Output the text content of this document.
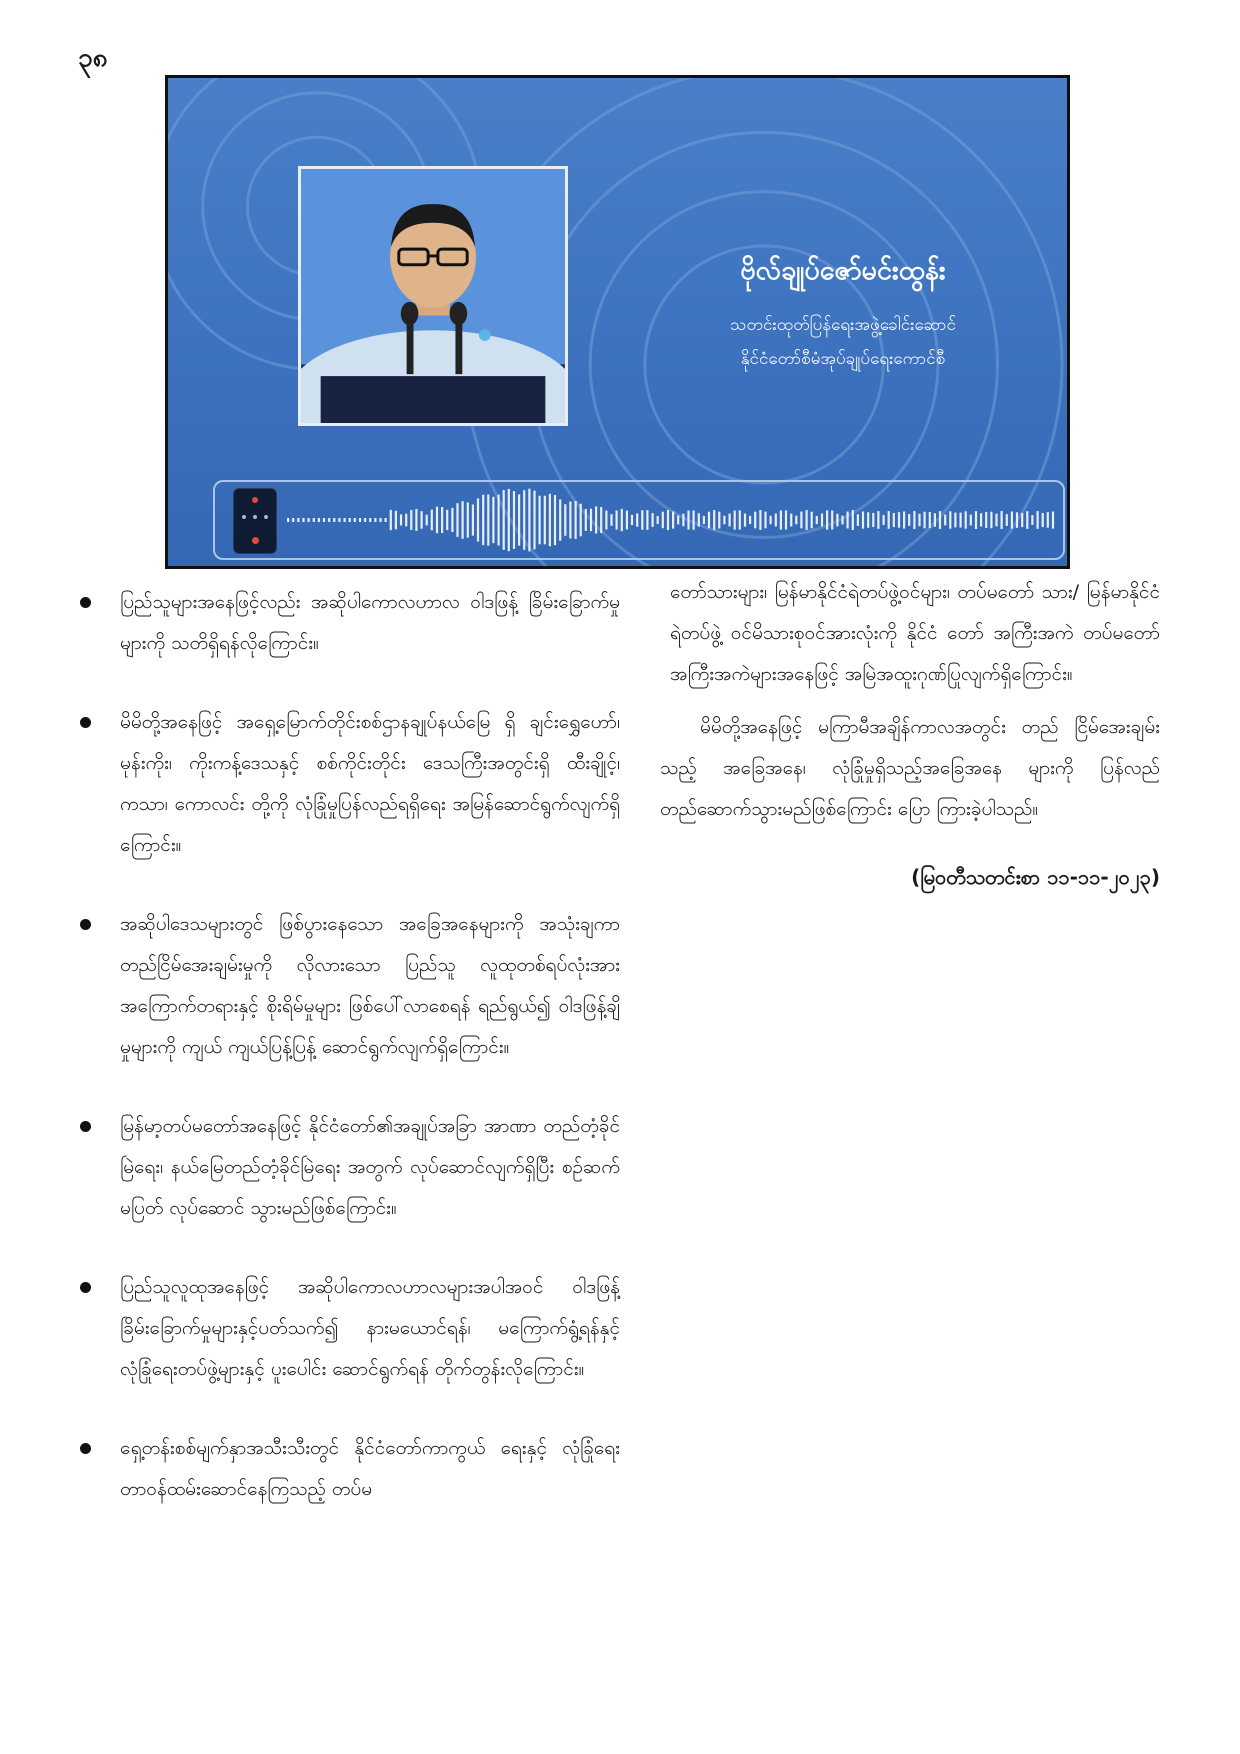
၃၈
ဗိုလ်ချုပ်ဇော်မင်းထွန်း
သတင်းထုတ်ပြန်ရေးအဖွဲ့ခေါင်းဆောင်
နိုင်ငံတော်စီမံအုပ်ချုပ်ရေးကောင်စီ
ပြည်သူများအနေဖြင့်လည်း အဆိုပါကောလဟာလ ဝါဒဖြန့် ခြိမ်းခြောက်မှုများကို သတိရှိရန်လိုကြောင်း။
မိမိတို့အနေဖြင့် အရှေ့မြောက်တိုင်းစစ်ဌာနချုပ်နယ်မြေ ရှိ ချင်းရွှေဟော်၊ မုန်းကိုး၊ ကိုးကန့်ဒေသနှင့် စစ်ကိုင်းတိုင်း ဒေသကြီးအတွင်းရှိ ထီးချိုင့်၊ ကသာ၊ ကောလင်း တို့ကို လုံခြုံမှုပြန်လည်ရရှိရေး အမြန်ဆောင်ရွက်လျက်ရှိကြောင်း။
အဆိုပါဒေသများတွင် ဖြစ်ပွားနေသော အခြေအနေများကို အသုံးချကာ တည်ငြိမ်အေးချမ်းမှုကို လိုလားသော ပြည်သူ လူထုတစ်ရပ်လုံးအား အကြောက်တရားနှင့် စိုးရိမ်မှုများ ဖြစ်ပေါ်လာစေရန် ရည်ရွယ်၍ ဝါဒဖြန့်ချိမှုများကို ကျယ် ကျယ်ပြန့်ပြန့် ဆောင်ရွက်လျက်ရှိကြောင်း။
မြန်မာ့တပ်မတော်အနေဖြင့် နိုင်ငံတော်၏အချုပ်အခြာ အာဏာ တည်တံ့ခိုင်မြဲရေး၊ နယ်မြေတည်တံ့ခိုင်မြဲရေး အတွက် လုပ်ဆောင်လျက်ရှိပြီး စဉ်ဆက်မပြတ် လုပ်ဆောင် သွားမည်ဖြစ်ကြောင်း။
ပြည်သူလူထုအနေဖြင့် အဆိုပါကောလဟာလများအပါအဝင် ဝါဒဖြန့်ခြိမ်းခြောက်မှုများနှင့်ပတ်သက်၍ နားမယောင်ရန်၊ မကြောက်ရွံ့ရန်နှင့် လုံခြုံရေးတပ်ဖွဲ့များနှင့် ပူးပေါင်း ဆောင်ရွက်ရန် တိုက်တွန်းလိုကြောင်း။
ရှေ့တန်းစစ်မျက်နှာအသီးသီးတွင် နိုင်ငံတော်ကာကွယ် ရေးနှင့် လုံခြုံရေးတာဝန်ထမ်းဆောင်နေကြသည့် တပ်မ

တော်သားများ၊ မြန်မာနိုင်ငံရဲတပ်ဖွဲ့ဝင်များ၊ တပ်မတော် သား/ မြန်မာနိုင်ငံရဲတပ်ဖွဲ့ ဝင်မိသားစုဝင်အားလုံးကို နိုင်ငံ တော် အကြီးအကဲ တပ်မတော်အကြီးအကဲများအနေဖြင့် အမြဲအထူးဂုဏ်ပြုလျက်ရှိကြောင်း။

မိမိတို့အနေဖြင့် မကြာမီအချိန်ကာလအတွင်း တည် ငြိမ်အေးချမ်းသည့် အခြေအနေ၊ လုံခြုံမှုရှိသည့်အခြေအနေ များကို ပြန်လည်တည်ဆောက်သွားမည်ဖြစ်ကြောင်း ပြော ကြားခဲ့ပါသည်။

(မြဝတီသတင်းစာ ၁၁-၁၁-၂၀၂၃)
